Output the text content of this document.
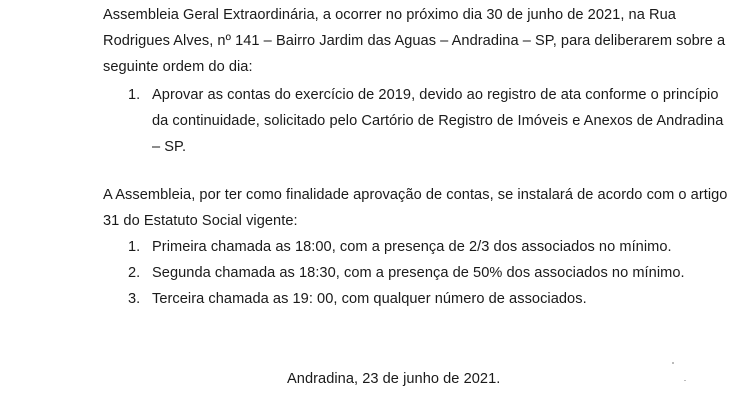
Assembleia Geral Extraordinária, a ocorrer no próximo dia 30 de junho de 2021, na Rua
Rodrigues Alves, nº 141 – Bairro Jardim das Aguas – Andradina – SP, para deliberarem sobre a
seguinte ordem do dia:
1. Aprovar as contas do exercício de 2019, devido ao registro de ata conforme o princípio
da continuidade, solicitado pelo Cartório de Registro de Imóveis e Anexos de Andradina
– SP.
A Assembleia, por ter como finalidade aprovação de contas, se instalará de acordo com o artigo
31 do Estatuto Social vigente:
1. Primeira chamada as 18:00, com a presença de 2/3 dos associados no mínimo.
2. Segunda chamada as 18:30, com a presença de 50% dos associados no mínimo.
3. Terceira chamada as 19: 00, com qualquer número de associados.
Andradina, 23 de junho de 2021.
